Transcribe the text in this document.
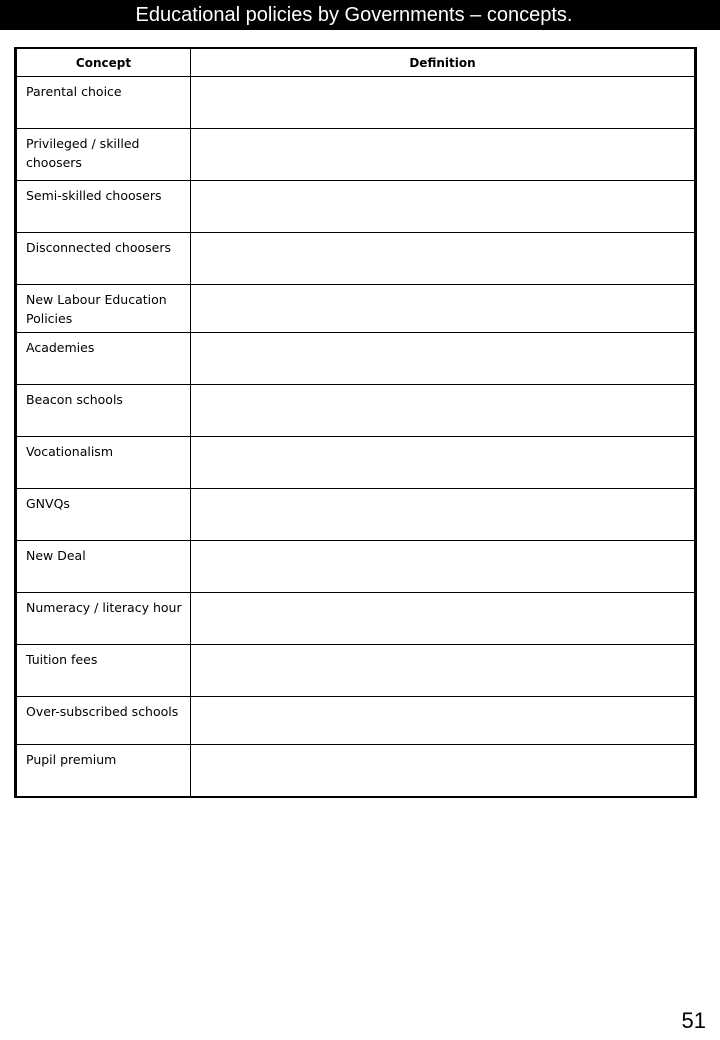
Educational policies by Governments – concepts.
Concept	Definition
Parental choice	
Privileged / skilled choosers	
Semi-skilled choosers	
Disconnected choosers	
New Labour Education Policies	
Academies	
Beacon schools	
Vocationalism	
GNVQs	
New Deal	
Numeracy / literacy hour	
Tuition fees	
Over-subscribed schools	
Pupil premium	
51
